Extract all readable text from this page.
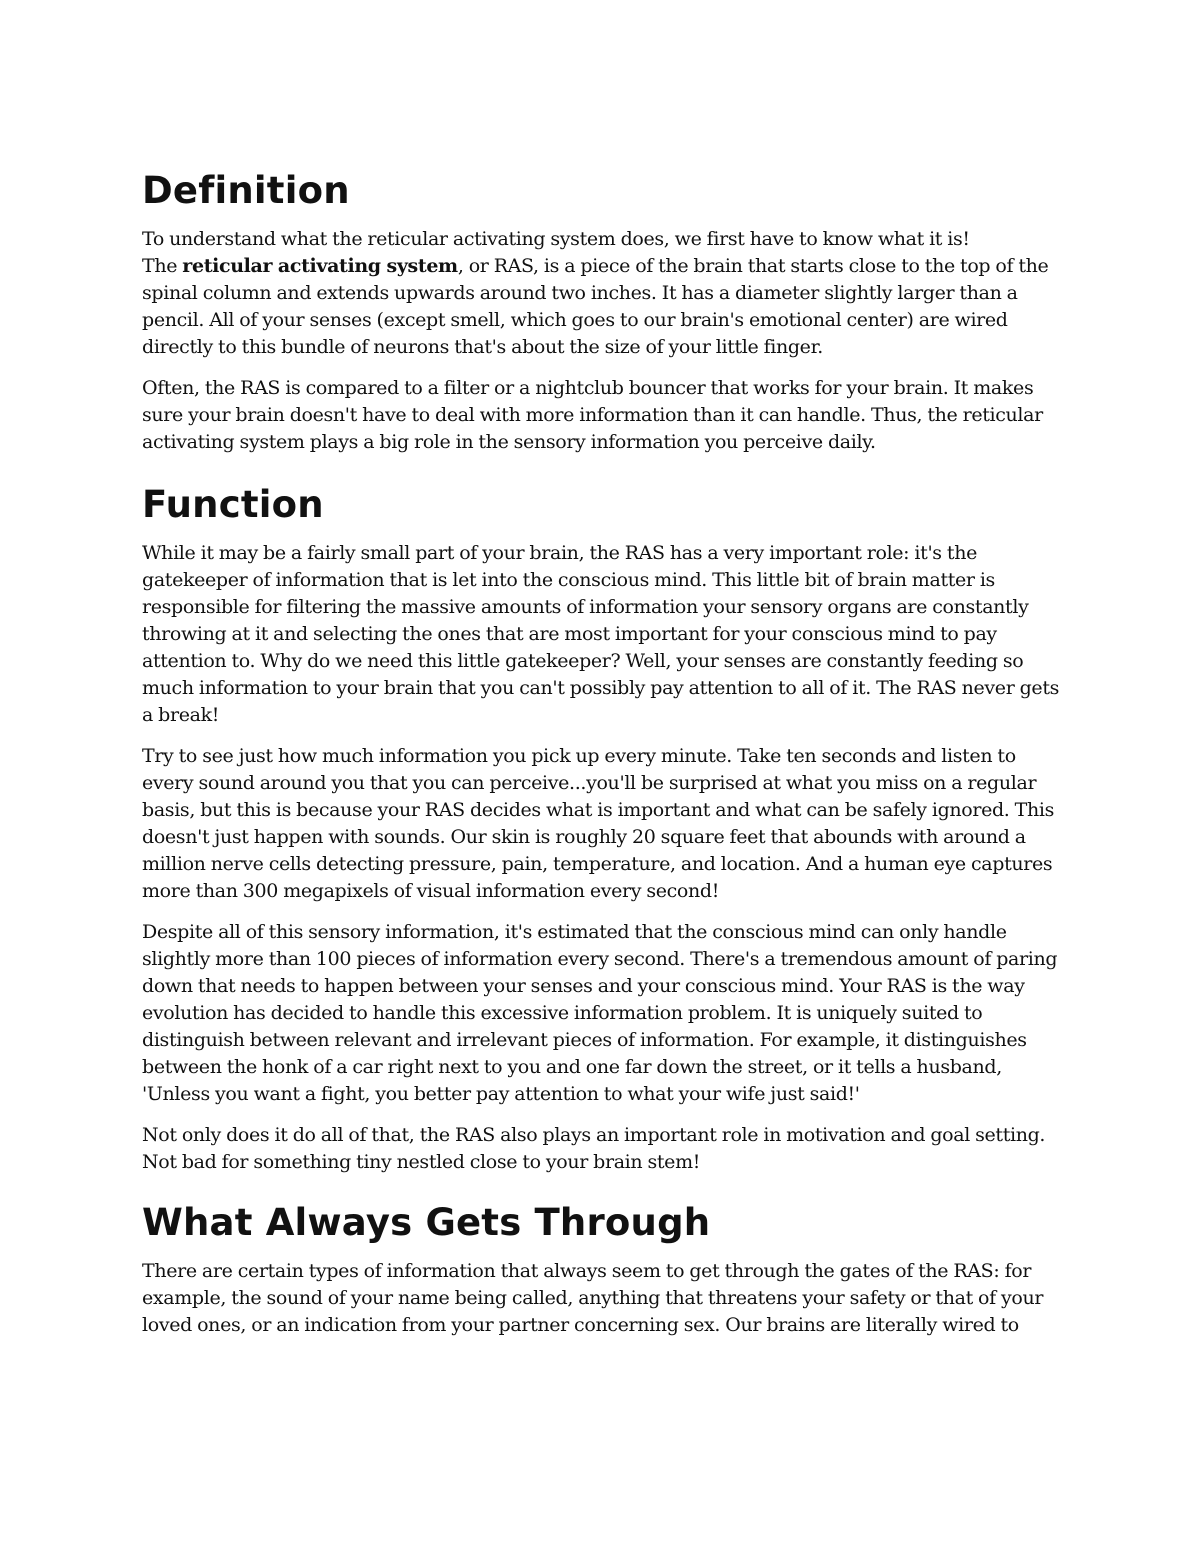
Definition

To understand what the reticular activating system does, we first have to know what it is!

The reticular activating system, or RAS, is a piece of the brain that starts close to the top of the spinal column and extends upwards around two inches. It has a diameter slightly larger than a pencil. All of your senses (except smell, which goes to our brain's emotional center) are wired directly to this bundle of neurons that's about the size of your little finger.

Often, the RAS is compared to a filter or a nightclub bouncer that works for your brain. It makes sure your brain doesn't have to deal with more information than it can handle. Thus, the reticular activating system plays a big role in the sensory information you perceive daily.

Function

While it may be a fairly small part of your brain, the RAS has a very important role: it's the gatekeeper of information that is let into the conscious mind. This little bit of brain matter is responsible for filtering the massive amounts of information your sensory organs are constantly throwing at it and selecting the ones that are most important for your conscious mind to pay attention to. Why do we need this little gatekeeper? Well, your senses are constantly feeding so much information to your brain that you can't possibly pay attention to all of it. The RAS never gets a break!

Try to see just how much information you pick up every minute. Take ten seconds and listen to every sound around you that you can perceive...you'll be surprised at what you miss on a regular basis, but this is because your RAS decides what is important and what can be safely ignored. This doesn't just happen with sounds. Our skin is roughly 20 square feet that abounds with around a million nerve cells detecting pressure, pain, temperature, and location. And a human eye captures more than 300 megapixels of visual information every second!

Despite all of this sensory information, it's estimated that the conscious mind can only handle slightly more than 100 pieces of information every second. There's a tremendous amount of paring down that needs to happen between your senses and your conscious mind. Your RAS is the way evolution has decided to handle this excessive information problem. It is uniquely suited to distinguish between relevant and irrelevant pieces of information. For example, it distinguishes between the honk of a car right next to you and one far down the street, or it tells a husband, 'Unless you want a fight, you better pay attention to what your wife just said!'

Not only does it do all of that, the RAS also plays an important role in motivation and goal setting. Not bad for something tiny nestled close to your brain stem!

What Always Gets Through

There are certain types of information that always seem to get through the gates of the RAS: for example, the sound of your name being called, anything that threatens your safety or that of your loved ones, or an indication from your partner concerning sex. Our brains are literally wired to
